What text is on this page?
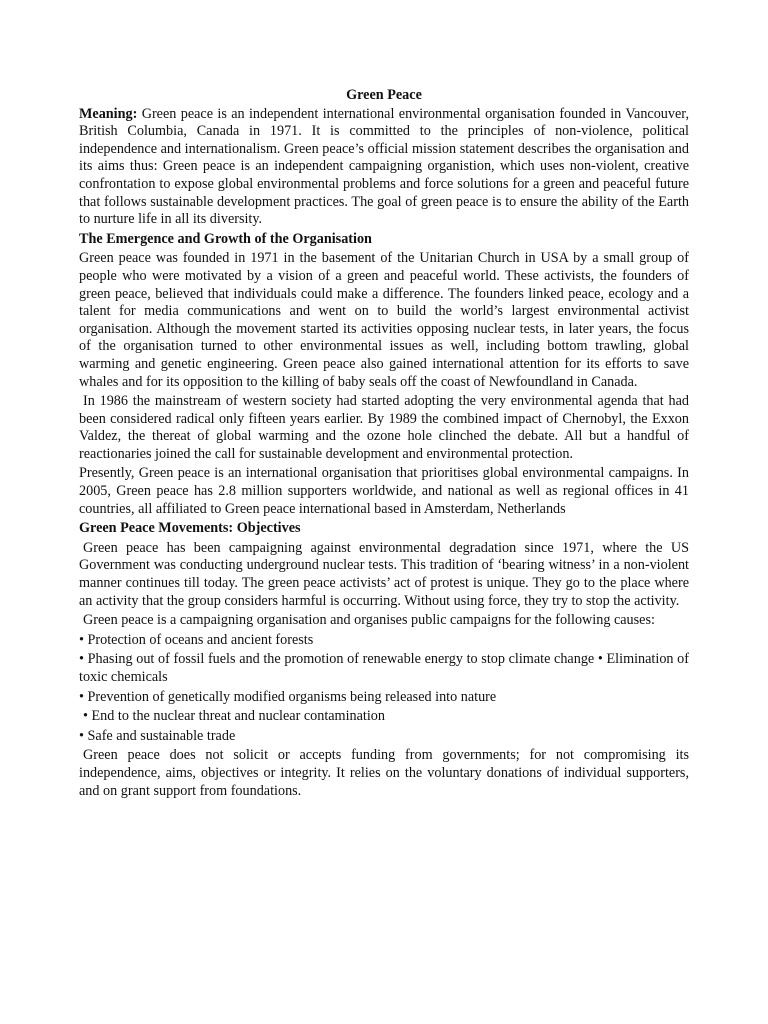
Green Peace

Meaning: Green peace is an independent international environmental organisation founded in Vancouver, British Columbia, Canada in 1971. It is committed to the principles of non-violence, political independence and internationalism. Green peace’s official mission statement describes the organisation and its aims thus: Green peace is an independent campaigning organistion, which uses non-violent, creative confrontation to expose global environmental problems and force solutions for a green and peaceful future that follows sustainable development practices. The goal of green peace is to ensure the ability of the Earth to nurture life in all its diversity.

The Emergence and Growth of the Organisation

Green peace was founded in 1971 in the basement of the Unitarian Church in USA by a small group of people who were motivated by a vision of a green and peaceful world. These activists, the founders of green peace, believed that individuals could make a difference. The founders linked peace, ecology and a talent for media communications and went on to build the world’s largest environmental activist organisation. Although the movement started its activities opposing nuclear tests, in later years, the focus of the organisation turned to other environmental issues as well, including bottom trawling, global warming and genetic engineering. Green peace also gained international attention for its efforts to save whales and for its opposition to the killing of baby seals off the coast of Newfoundland in Canada.

In 1986 the mainstream of western society had started adopting the very environmental agenda that had been considered radical only fifteen years earlier. By 1989 the combined impact of Chernobyl, the Exxon Valdez, the thereat of global warming and the ozone hole clinched the debate. All but a handful of reactionaries joined the call for sustainable development and environmental protection.

Presently, Green peace is an international organisation that prioritises global environmental campaigns. In 2005, Green peace has 2.8 million supporters worldwide, and national as well as regional offices in 41 countries, all affiliated to Green peace international based in Amsterdam, Netherlands

Green Peace Movements: Objectives

Green peace has been campaigning against environmental degradation since 1971, where the US Government was conducting underground nuclear tests. This tradition of ‘bearing witness’ in a non-violent manner continues till today. The green peace activists’ act of protest is unique. They go to the place where an activity that the group considers harmful is occurring. Without using force, they try to stop the activity.

Green peace is a campaigning organisation and organises public campaigns for the following causes:

• Protection of oceans and ancient forests
• Phasing out of fossil fuels and the promotion of renewable energy to stop climate change • Elimination of toxic chemicals
• Prevention of genetically modified organisms being released into nature
• End to the nuclear threat and nuclear contamination
• Safe and sustainable trade

Green peace does not solicit or accepts funding from governments; for not compromising its independence, aims, objectives or integrity. It relies on the voluntary donations of individual supporters, and on grant support from foundations.
